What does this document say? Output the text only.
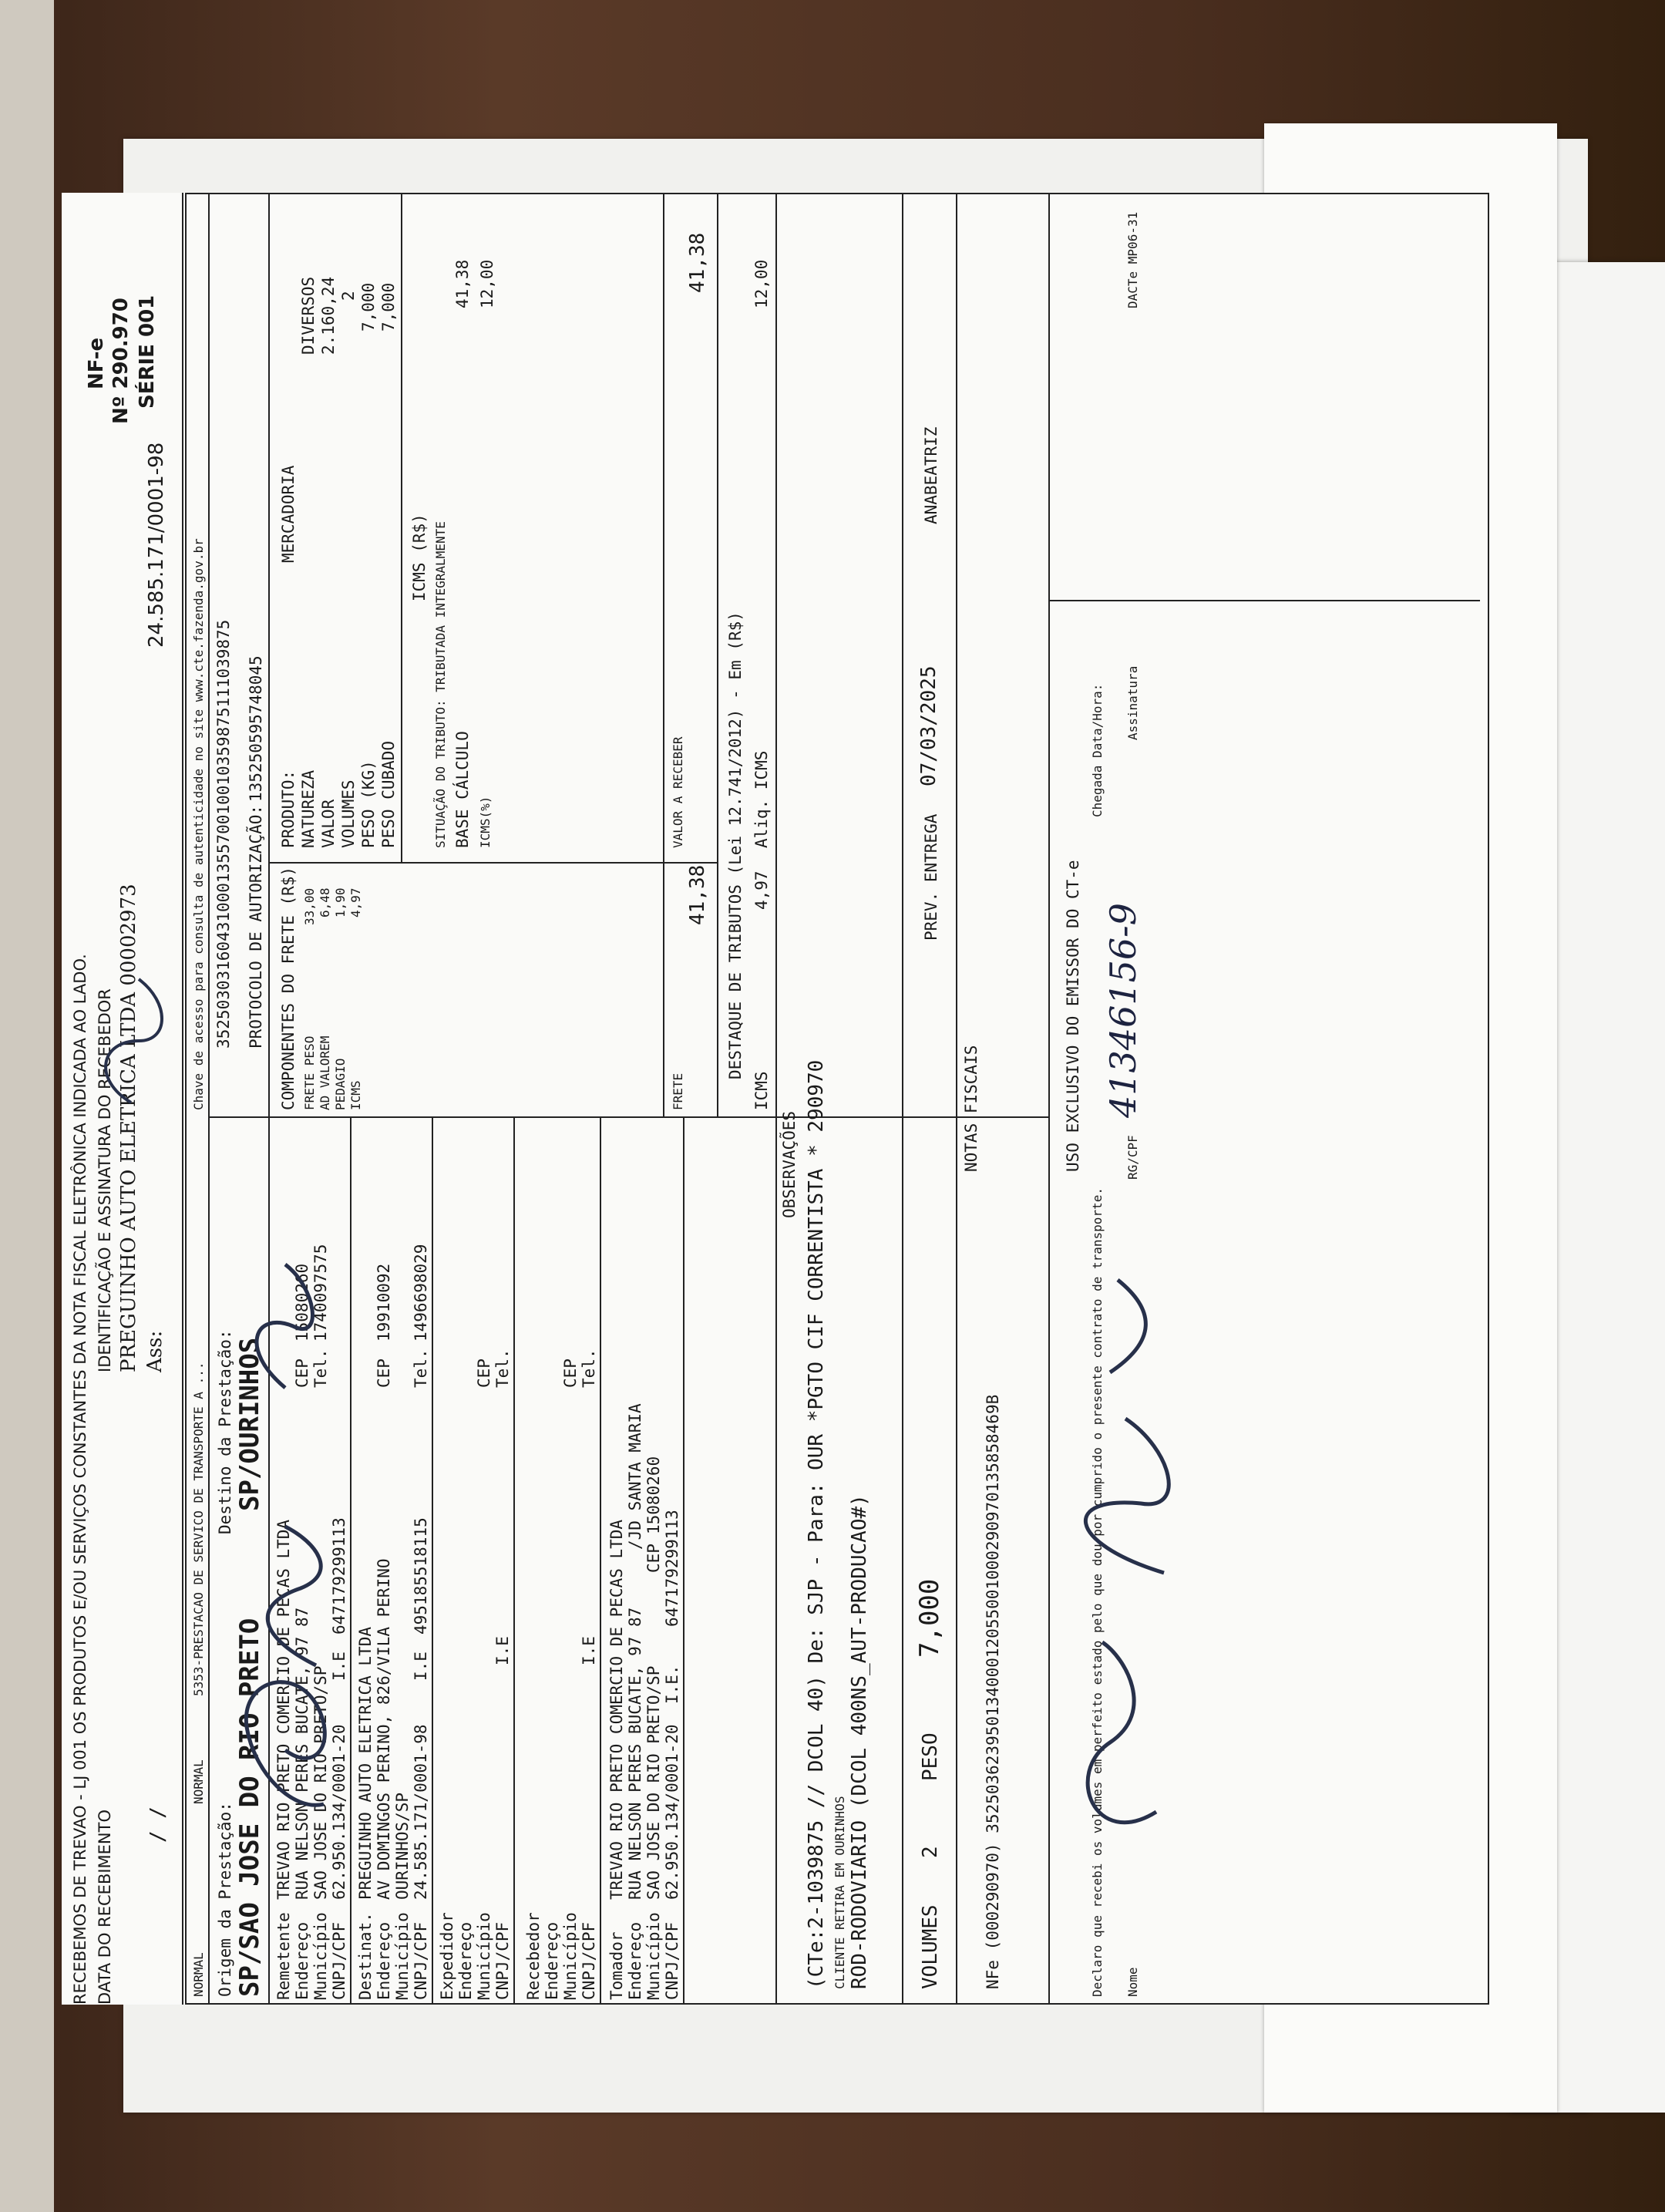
RECEBEMOS DE TREVAO - LJ 001 OS PRODUTOS E/OU SERVIÇOS CONSTANTES DA NOTA FISCAL ELETRÔNICA INDICADA AO LADO. DATA DO RECEBIMENTO / /
IDENTIFICAÇÃO E ASSINATURA DO RECEBEDOR PREGUINHO AUTO ELETRICA LTDA 00002973 Ass:
24.585.171/0001-98
NF-e Nº 290.970 SÉRIE 001
NORMAL
NORMAL
5353-PRESTACAO DE SERVICO DE TRANSPORTE A ...
Chave de acesso para consulta de autenticidade no site www.cte.fazenda.gov.br 35250303160431000135570010010359875111039875
Origem da Prestação: SP/SAO JOSE DO RIO PRETO
Destino da Prestação: SP/OURINHOS
PROTOCOLO DE AUTORIZAÇÃO:
135250595748045
Remetente
TREVAO RIO PRETO COMERCIO DE PECAS LTDA
Endereço
RUA NELSON PERES BUCATE, 97 87
Município
SAO JOSE DO RIO PRETO/SP
CEP
15080260
CNPJ/CPF
62.950.134/0001-20
I.E
647179299113
Tel.
1740097575
Destinat.
PREGUINHO AUTO ELETRICA LTDA
Endereço
AV DOMINGOS PERINO, 826/VILA PERINO
Município
OURINHOS/SP
CEP
19910092
CNPJ/CPF
24.585.171/0001-98
I.E
495185518115
Tel.
1496698029
Expedidor Endereço Município CNPJ/CPF
I.E
CEP Tel.
Recebedor Endereço Município CNPJ/CPF
I.E
CEP Tel.
Tomador
TREVAO RIO PRETO COMERCIO DE PECAS LTDA
Endereço
RUA NELSON PERES BUCATE, 97 87
/JD SANTA MARIA
Município
SAO JOSE DO RIO PRETO/SP
CEP
15080260
CNPJ/CPF
62.950.134/0001-20
I.E.
647179299113
COMPONENTES DO FRETE (R$) FRETE PESO
33,00
AD VALOREM
6,48
PEDAGIO
1,90
ICMS
4,97
PRODUTO:
MERCADORIA
NATUREZA
DIVERSOS
VALOR
2.160,24
VOLUMES
2
PESO (KG)
7,000
PESO CUBADO
7,000
ICMS (R$) SITUAÇÃO DO TRIBUTO: TRIBUTADA INTEGRALMENTE BASE CÁLCULO
41,38
ICMS(%)
12,00
FRETE
41,38
VALOR A RECEBER
41,38
DESTAQUE DE TRIBUTOS (Lei 12.741/2012) - Em (R$)
ICMS
4,97
Aliq. ICMS
12,00
OBSERVAÇÕES (CTe:2-1039875 // DCOL 40) De: SJP - Para: OUR *PGTO CIF CORRENTISTA * 290970 CLIENTE RETIRA EM OURINHOS ROD-RODOVIARIO (DCOL 400NS_AUT-PRODUCAO#) VOLUMES
2
PESO
7,000
PREV. ENTREGA
07/03/2025
ANABEATRIZ
NOTAS FISCAIS
NFe (000290970) 35250362395013400012055001000290970135858469B
USO EXCLUSIVO DO EMISSOR DO CT-e
Declaro que recebi os volumes em perfeito estado pelo que dou por cumprido o presente contrato de transporte.
Chegada Data/Hora:
Nome
RG/CPF
Assinatura
DACTe MP06-31
41346156-9
